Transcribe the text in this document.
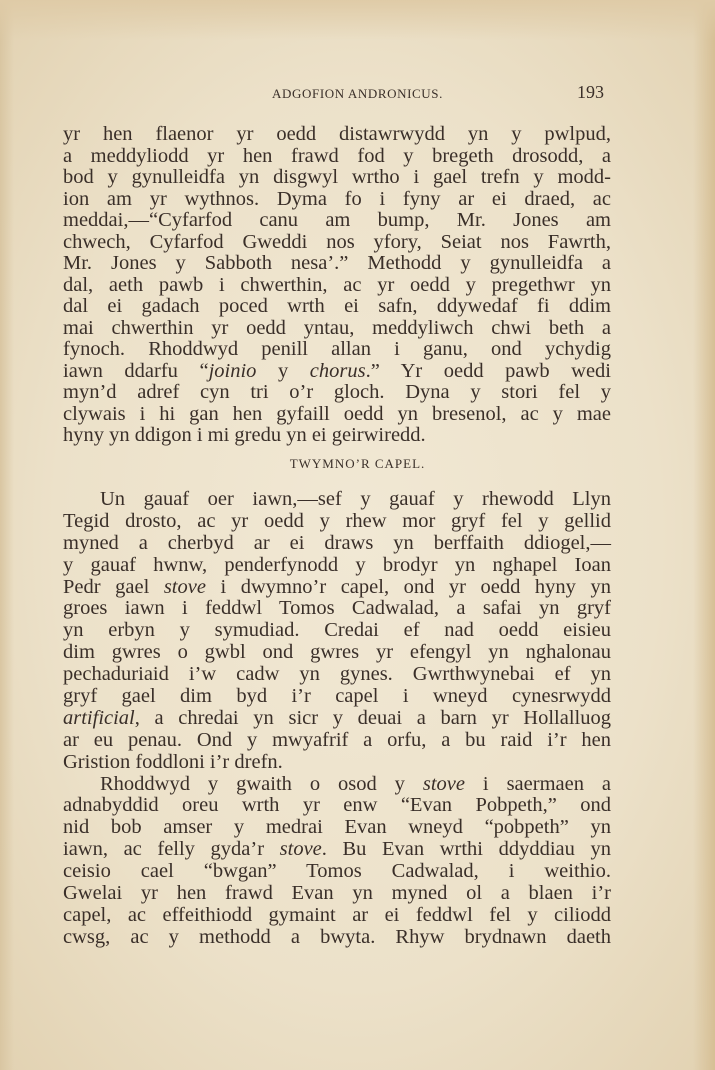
ADGOFION ANDRONICUS.	193
yr hen flaenor yr oedd distawrwydd yn y pwlpud,
a meddyliodd yr hen frawd fod y bregeth drosodd, a
bod y gynulleidfa yn disgwyl wrtho i gael trefn y modd-
ion am yr wythnos. Dyma fo i fyny ar ei draed, ac
meddai,—“Cyfarfod canu am bump, Mr. Jones am
chwech, Cyfarfod Gweddi nos yfory, Seiat nos Fawrth,
Mr. Jones y Sabboth nesa’.” Methodd y gynulleidfa a
dal, aeth pawb i chwerthin, ac yr oedd y pregethwr yn
dal ei gadach poced wrth ei safn, ddywedaf fi ddim
mai chwerthin yr oedd yntau, meddyliwch chwi beth a
fynoch. Rhoddwyd penill allan i ganu, ond ychydig
iawn ddarfu “joinio y chorus.” Yr oedd pawb wedi
myn’d adref cyn tri o’r gloch. Dyna y stori fel y
clywais i hi gan hen gyfaill oedd yn bresenol, ac y mae
hyny yn ddigon i mi gredu yn ei geirwiredd.
TWYMNO’R CAPEL.
Un gauaf oer iawn,—sef y gauaf y rhewodd Llyn
Tegid drosto, ac yr oedd y rhew mor gryf fel y gellid
myned a cherbyd ar ei draws yn berffaith ddiogel,—
y gauaf hwnw, penderfynodd y brodyr yn nghapel Ioan
Pedr gael stove i dwymno’r capel, ond yr oedd hyny yn
groes iawn i feddwl Tomos Cadwalad, a safai yn gryf
yn erbyn y symudiad. Credai ef nad oedd eisieu
dim gwres o gwbl ond gwres yr efengyl yn nghalonau
pechaduriaid i’w cadw yn gynes. Gwrthwynebai ef yn
gryf gael dim byd i’r capel i wneyd cynesrwydd
artificial, a chredai yn sicr y deuai a barn yr Hollalluog
ar eu penau. Ond y mwyafrif a orfu, a bu raid i’r hen
Gristion foddloni i’r drefn.
Rhoddwyd y gwaith o osod y stove i saermaen a
adnabyddid oreu wrth yr enw “Evan Pobpeth,” ond
nid bob amser y medrai Evan wneyd “pobpeth” yn
iawn, ac felly gyda’r stove. Bu Evan wrthi ddyddiau yn
ceisio cael “bwgan” Tomos Cadwalad, i weithio.
Gwelai yr hen frawd Evan yn myned ol a blaen i’r
capel, ac effeithiodd gymaint ar ei feddwl fel y ciliodd
cwsg, ac y methodd a bwyta. Rhyw brydnawn daeth
